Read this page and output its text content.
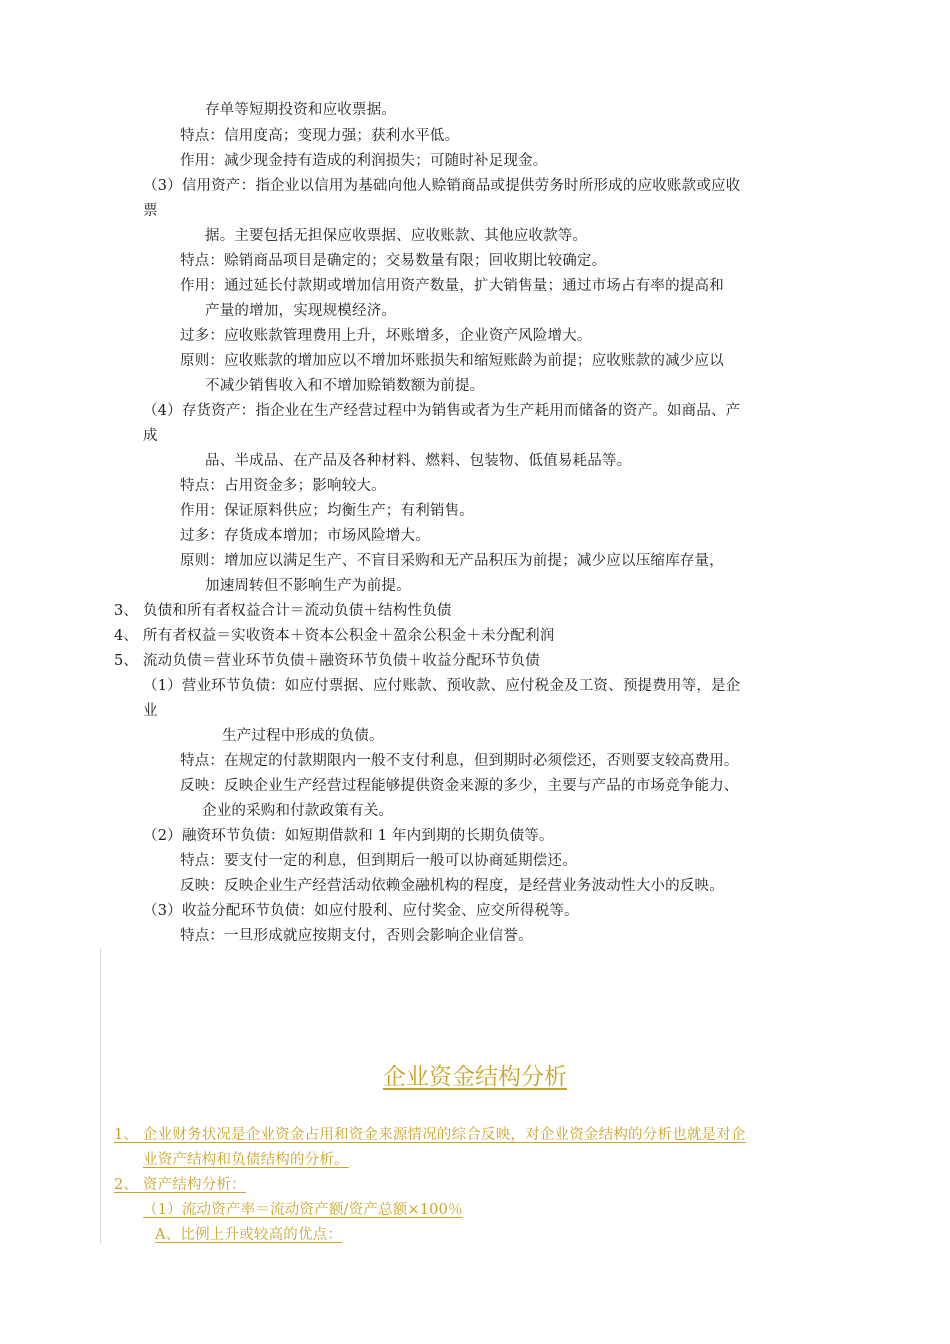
存单等短期投资和应收票据。
特点：信用度高；变现力强；获利水平低。
作用：减少现金持有造成的利润损失；可随时补足现金。
（3）信用资产：指企业以信用为基础向他人赊销商品或提供劳务时所形成的应收账款或应收
票
据。主要包括无担保应收票据、应收账款、其他应收款等。
特点：赊销商品项目是确定的；交易数量有限；回收期比较确定。
作用：通过延长付款期或增加信用资产数量，扩大销售量；通过市场占有率的提高和
产量的增加，实现规模经济。
过多：应收账款管理费用上升，坏账增多，企业资产风险增大。
原则：应收账款的增加应以不增加坏账损失和缩短账龄为前提；应收账款的减少应以
不减少销售收入和不增加赊销数额为前提。
（4）存货资产：指企业在生产经营过程中为销售或者为生产耗用而储备的资产。如商品、产
成
品、半成品、在产品及各种材料、燃料、包装物、低值易耗品等。
特点：占用资金多；影响较大。
作用：保证原料供应；均衡生产；有利销售。
过多：存货成本增加；市场风险增大。
原则：增加应以满足生产、不盲目采购和无产品积压为前提；减少应以压缩库存量，
加速周转但不影响生产为前提。
3、 负债和所有者权益合计＝流动负债＋结构性负债
4、 所有者权益＝实收资本＋资本公积金＋盈余公积金＋未分配利润
5、 流动负债＝营业环节负债＋融资环节负债＋收益分配环节负债
（1）营业环节负债：如应付票据、应付账款、预收款、应付税金及工资、预提费用等，是企
业
生产过程中形成的负债。
特点：在规定的付款期限内一般不支付利息，但到期时必须偿还，否则要支较高费用。
反映：反映企业生产经营过程能够提供资金来源的多少，主要与产品的市场竞争能力、
企业的采购和付款政策有关。
（2）融资环节负债：如短期借款和 1 年内到期的长期负债等。
特点：要支付一定的利息，但到期后一般可以协商延期偿还。
反映：反映企业生产经营活动依赖金融机构的程度，是经营业务波动性大小的反映。
（3）收益分配环节负债：如应付股利、应付奖金、应交所得税等。
特点：一旦形成就应按期支付，否则会影响企业信誉。
企业资金结构分析
1、 企业财务状况是企业资金占用和资金来源情况的综合反映，对企业资金结构的分析也就是对企
业资产结构和负债结构的分析。
2、 资产结构分析：
（1）流动资产率＝流动资产额/资产总额×100％
A、比例上升或较高的优点：
